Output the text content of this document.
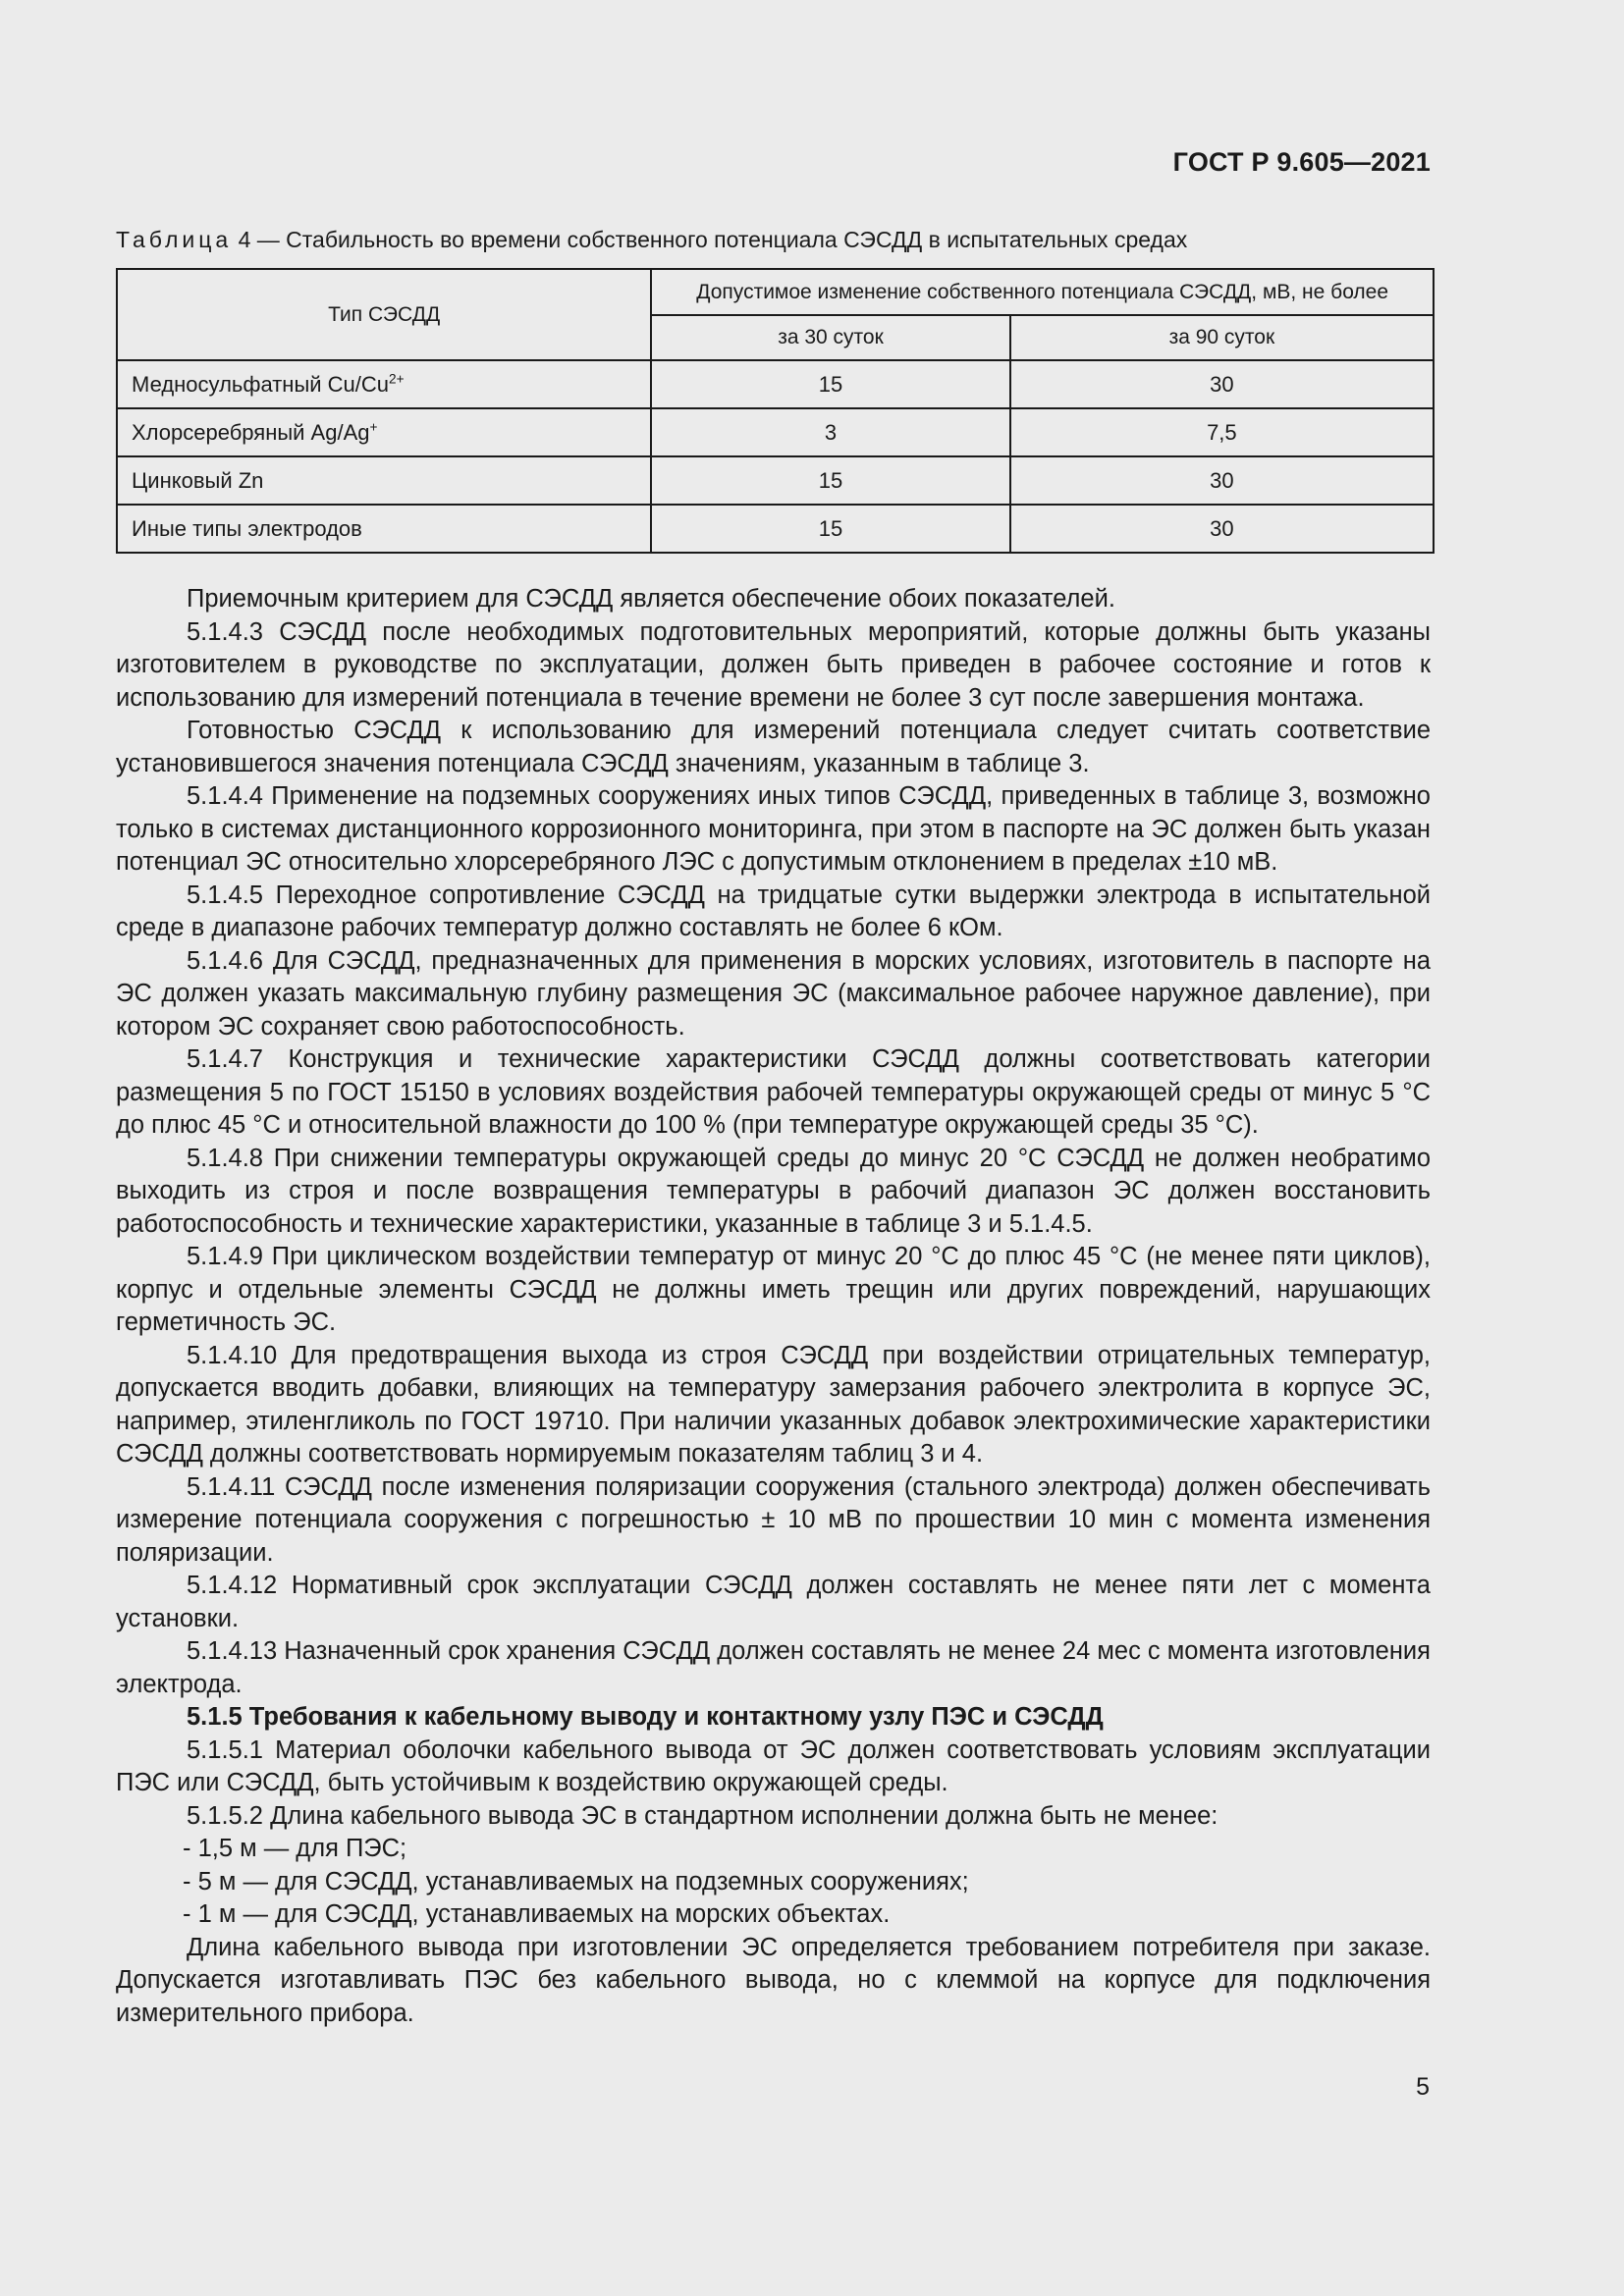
ГОСТ Р 9.605—2021
Таблица 4 — Стабильность во времени собственного потенциала СЭСДД в испытательных средах
Тип СЭСДД	Допустимое изменение собственного потенциала СЭСДД, мВ, не более	
	за 30 суток	за 90 суток
Медносульфатный $Cu/Cu^{2+}$	15	30
Хлорсеребряный Ag/Ag+	3	7,5
Цинковый Zn	15	30
Иные типы электродов	15	30

Приемочным критерием для СЭСДД является обеспечение обоих показателей.

5.1.4.3 СЭСДД после необходимых подготовительных мероприятий, которые должны быть указаны изготовителем в руководстве по эксплуатации, должен быть приведен в рабочее состояние и готов к использованию для измерений потенциала в течение времени не более 3 сут после завершения монтажа.

Готовностью СЭСДД к использованию для измерений потенциала следует считать соответствие установившегося значения потенциала СЭСДД значениям, указанным в таблице 3.

5.1.4.4 Применение на подземных сооружениях иных типов СЭСДД, приведенных в таблице 3, возможно только в системах дистанционного коррозионного мониторинга, при этом в паспорте на ЭС должен быть указан потенциал ЭС относительно хлорсеребряного ЛЭС с допустимым отклонением в пределах ±10 мВ.

5.1.4.5 Переходное сопротивление СЭСДД на тридцатые сутки выдержки электрода в испытательной среде в диапазоне рабочих температур должно составлять не более 6 кОм.

5.1.4.6 Для СЭСДД, предназначенных для применения в морских условиях, изготовитель в паспорте на ЭС должен указать максимальную глубину размещения ЭС (максимальное рабочее наружное давление), при котором ЭС сохраняет свою работоспособность.

5.1.4.7 Конструкция и технические характеристики СЭСДД должны соответствовать категории размещения 5 по ГОСТ 15150 в условиях воздействия рабочей температуры окружающей среды от минус 5 °С до плюс 45 °С и относительной влажности до 100 % (при температуре окружающей среды 35 °С).

5.1.4.8 При снижении температуры окружающей среды до минус 20 °С СЭСДД не должен необратимо выходить из строя и после возвращения температуры в рабочий диапазон ЭС должен восстановить работоспособность и технические характеристики, указанные в таблице 3 и 5.1.4.5.

5.1.4.9 При циклическом воздействии температур от минус 20 °С до плюс 45 °С (не менее пяти циклов), корпус и отдельные элементы СЭСДД не должны иметь трещин или других повреждений, нарушающих герметичность ЭС.

5.1.4.10 Для предотвращения выхода из строя СЭСДД при воздействии отрицательных температур, допускается вводить добавки, влияющих на температуру замерзания рабочего электролита в корпусе ЭС, например, этиленгликоль по ГОСТ 19710. При наличии указанных добавок электрохимические характеристики СЭСДД должны соответствовать нормируемым показателям таблиц 3 и 4.

5.1.4.11 СЭСДД после изменения поляризации сооружения (стального электрода) должен обеспечивать измерение потенциала сооружения с погрешностью ± 10 мВ по прошествии 10 мин с момента изменения поляризации.

5.1.4.12 Нормативный срок эксплуатации СЭСДД должен составлять не менее пяти лет с момента установки.

5.1.4.13 Назначенный срок хранения СЭСДД должен составлять не менее 24 мес с момента изготовления электрода.

5.1.5 Требования к кабельному выводу и контактному узлу ПЭС и СЭСДД

5.1.5.1 Материал оболочки кабельного вывода от ЭС должен соответствовать условиям эксплуатации ПЭС или СЭСДД, быть устойчивым к воздействию окружающей среды.

5.1.5.2 Длина кабельного вывода ЭС в стандартном исполнении должна быть не менее:

- 1,5 м — для ПЭС;

- 5 м — для СЭСДД, устанавливаемых на подземных сооружениях;

- 1 м — для СЭСДД, устанавливаемых на морских объектах.

Длина кабельного вывода при изготовлении ЭС определяется требованием потребителя при заказе. Допускается изготавливать ПЭС без кабельного вывода, но с клеммой на корпусе для подключения измерительного прибора.

5
